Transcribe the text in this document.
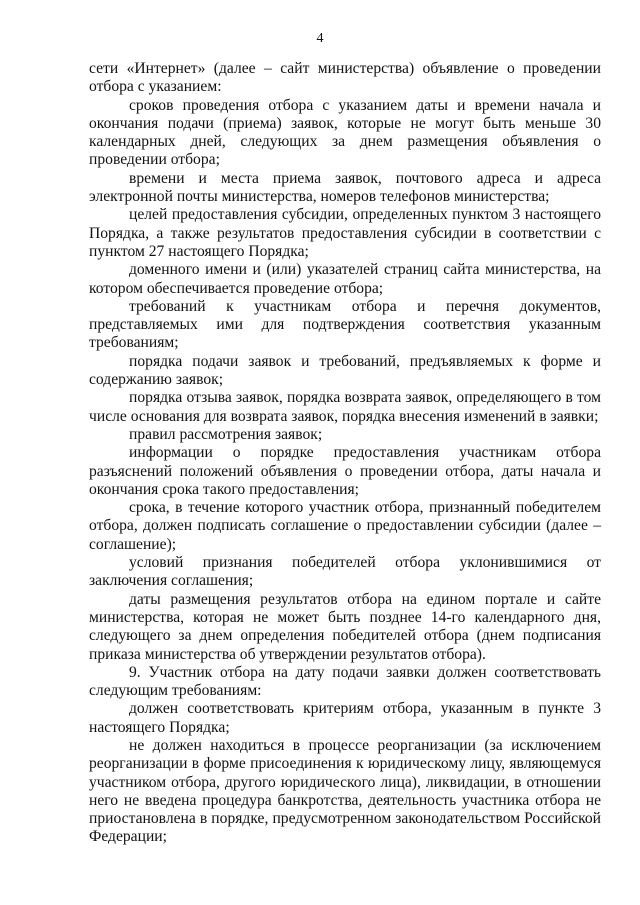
4

сети «Интернет» (далее – сайт министерства) объявление о проведении отбора с указанием:

сроков проведения отбора с указанием даты и времени начала и окончания подачи (приема) заявок, которые не могут быть меньше 30 календарных дней, следующих за днем размещения объявления о проведении отбора;

времени и места приема заявок, почтового адреса и адреса электронной почты министерства, номеров телефонов министерства;

целей предоставления субсидии, определенных пунктом 3 настоящего Порядка, а также результатов предоставления субсидии в соответствии с пунктом 27 настоящего Порядка;

доменного имени и (или) указателей страниц сайта министерства, на котором обеспечивается проведение отбора;

требований к участникам отбора и перечня документов, представляемых ими для подтверждения соответствия указанным требованиям;

порядка подачи заявок и требований, предъявляемых к форме и содержанию заявок;

порядка отзыва заявок, порядка возврата заявок, определяющего в том числе основания для возврата заявок, порядка внесения изменений в заявки;

правил рассмотрения заявок;

информации о порядке предоставления участникам отбора разъяснений положений объявления о проведении отбора, даты начала и окончания срока такого предоставления;

срока, в течение которого участник отбора, признанный победителем отбора, должен подписать соглашение о предоставлении субсидии (далее – соглашение);

условий признания победителей отбора уклонившимися от заключения соглашения;

даты размещения результатов отбора на едином портале и сайте министерства, которая не может быть позднее 14-го календарного дня, следующего за днем определения победителей отбора (днем подписания приказа министерства об утверждении результатов отбора).

9. Участник отбора на дату подачи заявки должен соответствовать следующим требованиям:

должен соответствовать критериям отбора, указанным в пункте 3 настоящего Порядка;

не должен находиться в процессе реорганизации (за исключением реорганизации в форме присоединения к юридическому лицу, являющемуся участником отбора, другого юридического лица), ликвидации, в отношении него не введена процедура банкротства, деятельность участника отбора не приостановлена в порядке, предусмотренном законодательством Российской Федерации;
